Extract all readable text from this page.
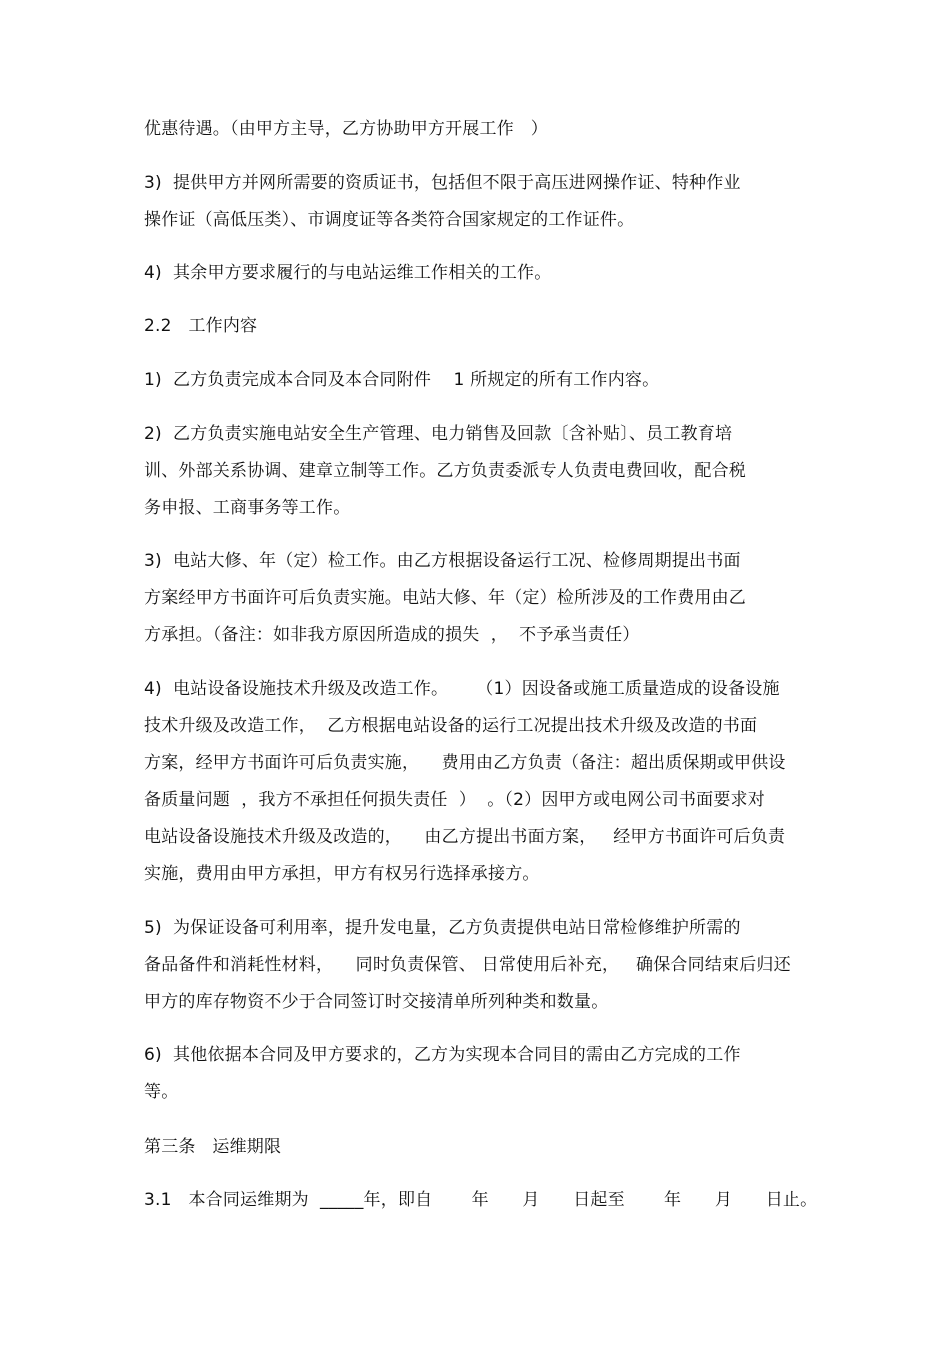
优惠待遇。（由甲方主导，乙方协助甲方开展工作   ）
3)  提供甲方并网所需要的资质证书，包括但不限于高压进网操作证、特种作业
操作证（高低压类）、市调度证等各类符合国家规定的工作证件。
4)  其余甲方要求履行的与电站运维工作相关的工作。
2.2   工作内容
1)  乙方负责完成本合同及本合同附件    1 所规定的所有工作内容。
2)  乙方负责实施电站安全生产管理、电力销售及回款〔含补贴〕、员工教育培
训、外部关系协调、建章立制等工作。乙方负责委派专人负责电费回收，配合税
务申报、工商事务等工作。
3)  电站大修、年（定）检工作。由乙方根据设备运行工况、检修周期提出书面
方案经甲方书面许可后负责实施。电站大修、年（定）检所涉及的工作费用由乙
方承担。（备注：如非我方原因所造成的损失  ，  不予承当责任）
4)  电站设备设施技术升级及改造工作。     （1）因设备或施工质量造成的设备设施
技术升级及改造工作，  乙方根据电站设备的运行工况提出技术升级及改造的书面
方案，经甲方书面许可后负责实施，    费用由乙方负责（备注：超出质保期或甲供设
备质量问题  ，我方不承担任何损失责任  ）  。（2）因甲方或电网公司书面要求对
电站设备设施技术升级及改造的，    由乙方提出书面方案，   经甲方书面许可后负责
实施，费用由甲方承担，甲方有权另行选择承接方。
5)  为保证设备可利用率，提升发电量，乙方负责提供电站日常检修维护所需的
备品备件和消耗性材料，    同时负责保管、 日常使用后补充，   确保合同结束后归还
甲方的库存物资不少于合同签订时交接清单所列种类和数量。
6)  其他依据本合同及甲方要求的，乙方为实现本合同目的需由乙方完成的工作
等。
第三条   运维期限
3.1   本合同运维期为  _____年，即自       年      月      日起至       年      月      日止。
